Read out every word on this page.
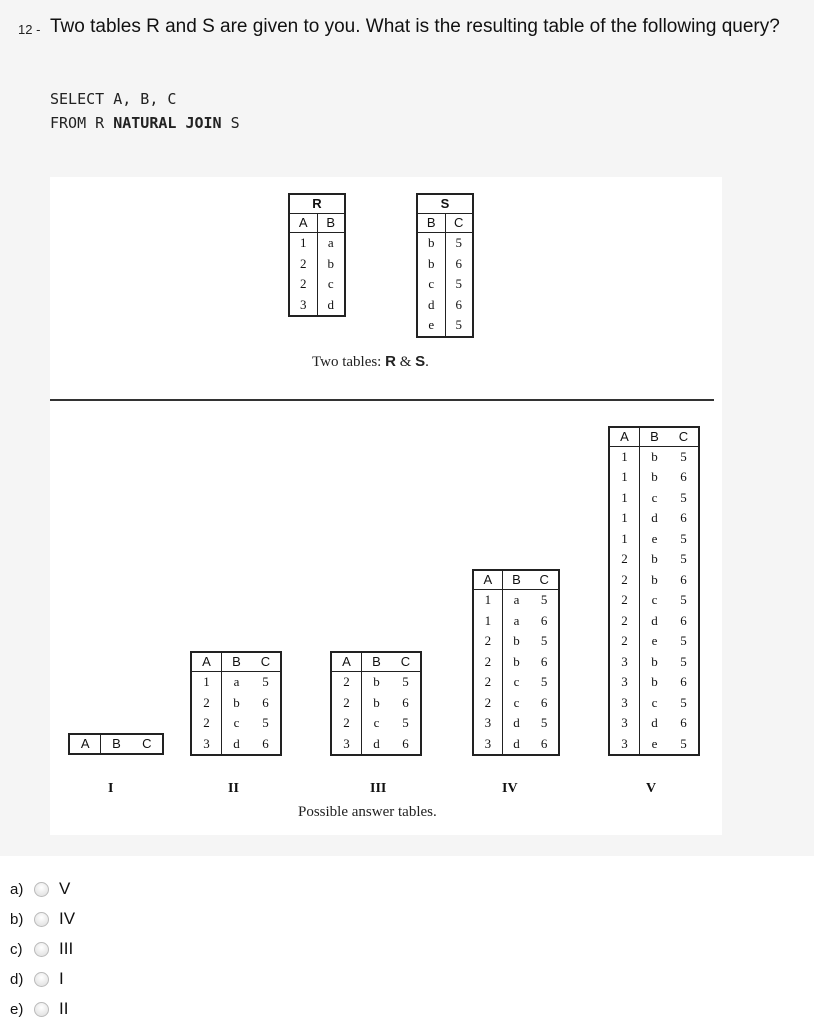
12 - Two tables R and S are given to you. What is the resulting table of the following query?
SELECT A, B, C
FROM R NATURAL JOIN S
R
A	B
1	a
2	b
2	c
3	d
S
B	C
b	5
b	6
c	5
d	6
e	5
Two tables: R & S.
A	B	C
I
A	B	C
1	a	5
2	b	6
2	c	5
3	d	6
II
A	B	C
2	b	5
2	b	6
2	c	5
3	d	6
III
A	B	C
1	a	5
1	a	6
2	b	5
2	b	6
2	c	5
2	c	6
3	d	5
3	d	6
IV
A	B	C
1	b	5
1	b	6
1	c	5
1	d	6
1	e	5
2	b	5
2	b	6
2	c	5
2	d	6
2	e	5
3	b	5
3	b	6
3	c	5
3	d	6
3	e	5
V
Possible answer tables.
a)	V
b)	IV
c)	III
d)	I
e)	II
